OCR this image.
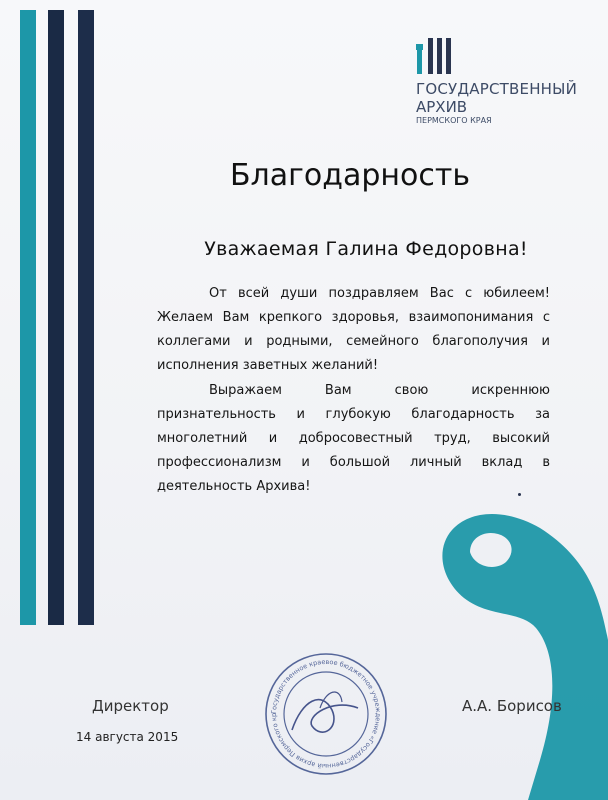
ГОСУДАРСТВЕННЫЙ
АРХИВ
ПЕРМСКОГО КРАЯ
Благодарность
Уважаемая Галина Федоровна!

От всей души поздравляем Вас с юбилеем! Желаем Вам крепкого здоровья, взаимопонимания с коллегами и родными, семейного благополучия и исполнения заветных желаний!

Выражаем Вам свою искреннюю признательность и глубокую благодарность за многолетний и добросовестный труд, высокий профессионализм и большой личный вклад в деятельность Архива!

Директор
14 августа 2015
А.А. Борисов
Государственное краевое бюджетное учреждение «Государственный архив Пермского кр
